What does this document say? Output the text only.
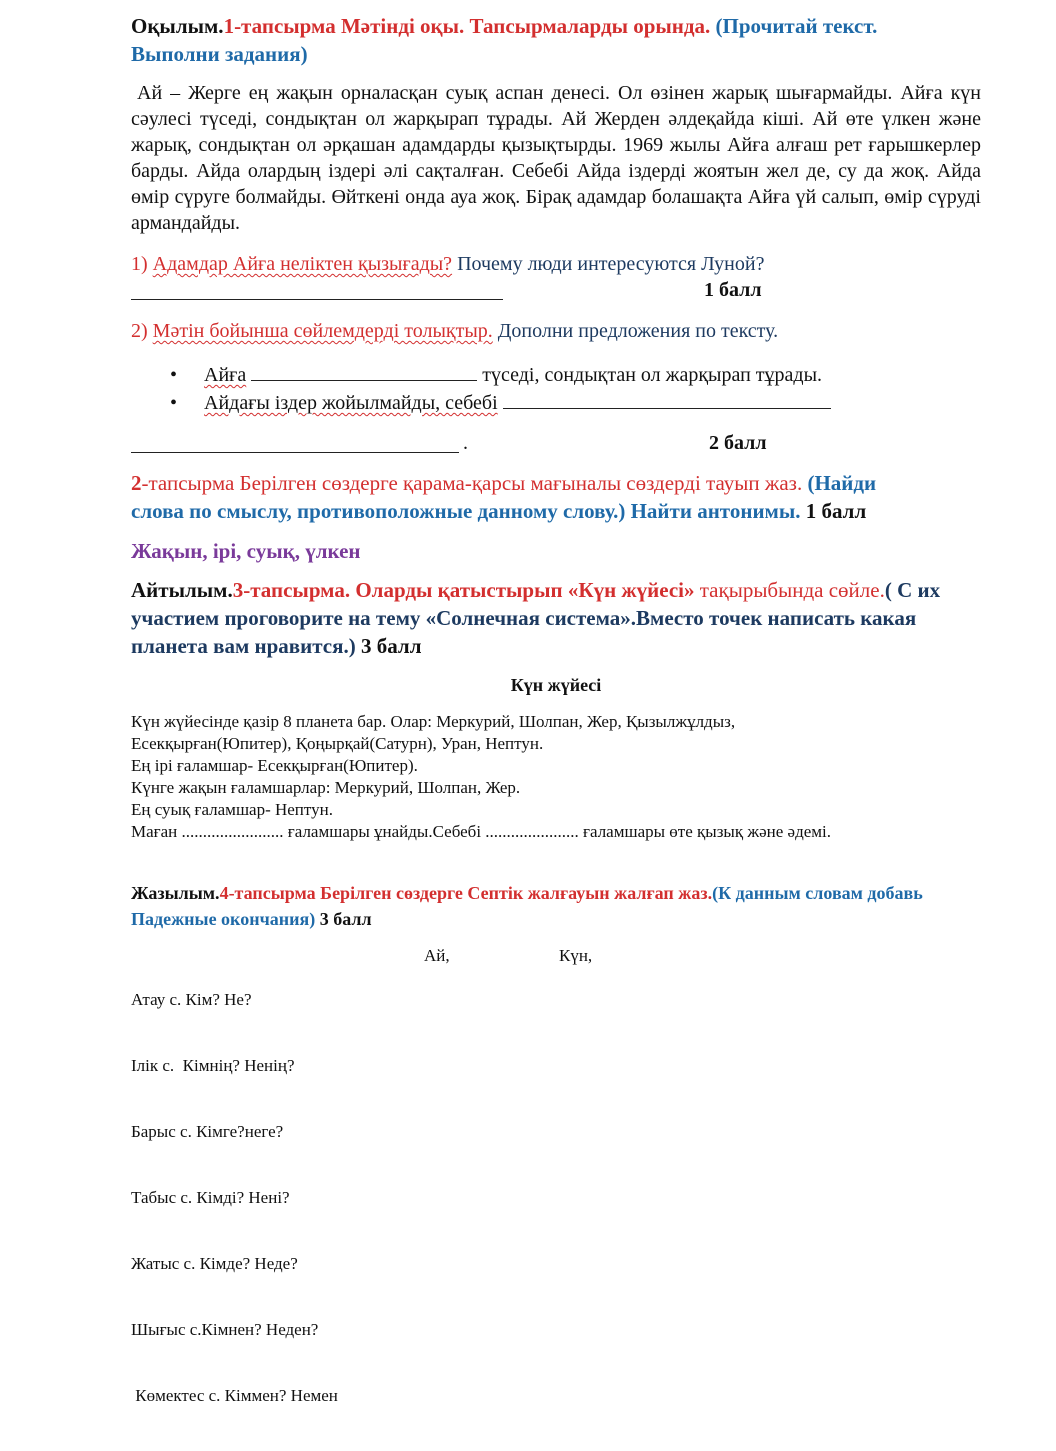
Оқылым.1-тапсырма Мәтінді оқы. Тапсырмаларды орында. (Прочитай текст. Выполни задания)

Ай – Жерге ең жақын орналасқан суық аспан денесі. Ол өзінен жарық шығармайды. Айға күн сәулесі түседі, сондықтан ол жарқырап тұрады. Ай Жерден әлдеқайда кіші. Ай өте үлкен және жарық, сондықтан ол әрқашан адамдарды қызықтырды. 1969 жылы Айға алғаш рет ғарышкерлер барды. Айда олардың іздері әлі сақталған. Себебі Айда іздерді жоятын жел де, су да жоқ. Айда өмір сүруге болмайды. Өйткені онда ауа жоқ. Бірақ адамдар болашақта Айға үй салып, өмір сүруді армандайды.

1) Адамдар Айға неліктен қызығады? Почему люди интересуются Луной?

1 балл

2) Мәтін бойынша сөйлемдерді толықтыр. Дополни предложения по тексту.

• Айға	түседі, сондықтан ол жарқырап тұрады.
• Айдағы іздер жойылмайды, себебі
.	2 балл

2-тапсырма Берілген сөздерге қарама-қарсы мағыналы сөздерді тауып жаз. (Найди слова по смыслу, противоположные данному слову.) Найти антонимы. 1 балл

Жақын, ірі, суық, үлкен

Айтылым.3-тапсырма. Оларды қатыстырып «Күн жүйесі» тақырыбында сөйле.( С их участием проговорите на тему «Солнечная система».Вместо точек написать какая планета вам нравится.) 3 балл

Күн жүйесі
Күн жүйесінде қазір 8 планета бар. Олар: Меркурий, Шолпан, Жер, Қызылжұлдыз,
Есекқырған(Юпитер), Қоңырқай(Сатурн), Уран, Нептун.
Ең ірі ғаламшар- Есекқырған(Юпитер).
Күнге жақын ғаламшарлар: Меркурий, Шолпан, Жер.
Ең суық ғаламшар- Нептун.
Маған ........................ ғаламшары ұнайды.Себебі ...................... ғаламшары өте қызық және әдемі.

Жазылым.4-тапсырма Берілген сөздерге Септік жалғауын жалғап жаз.(К данным словам добавь Падежные окончания) 3 балл

Атау с. Кім? Не?

Ілік с.  Кімнің? Ненің?

Барыс с. Кімге?неге?

Табыс с. Кімді? Нені?

Жатыс с. Кімде? Неде?

Шығыс с.Кімнен? Неден?

Көмектес с. Кіммен? Немен

Ай,	Күн,
